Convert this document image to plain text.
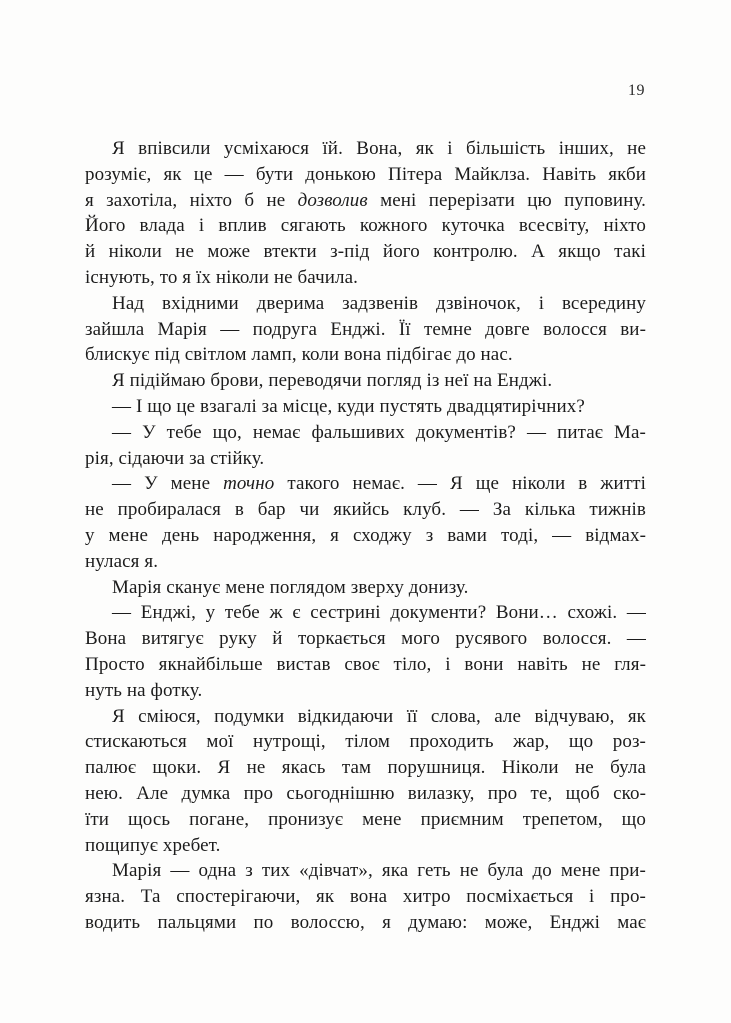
19

Я впівсили усміхаюся їй. Вона, як і більшість інших, не
розуміє, як це — бути донькою Пітера Майклза. Навіть якби
я захотіла, ніхто б не дозволив мені перерізати цю пуповину.
Його влада і вплив сягають кожного куточка всесвіту, ніхто
й ніколи не може втекти з-під його контролю. А якщо такі
існують, то я їх ніколи не бачила.

Над вхідними дверима задзвенів дзвіночок, і всередину
зайшла Марія — подруга Енджі. Її темне довге волосся ви-
блискує під світлом ламп, коли вона підбігає до нас.

Я підіймаю брови, переводячи погляд із неї на Енджі.

— І що це взагалі за місце, куди пустять двадцятирічних?

— У тебе що, немає фальшивих документів? — питає Ма-
рія, сідаючи за стійку.

— У мене точно такого немає. — Я ще ніколи в житті
не пробиралася в бар чи якийсь клуб. — За кілька тижнів
у мене день народження, я сходжу з вами тоді, — відмах-
нулася я.

Марія сканує мене поглядом зверху донизу.

— Енджі, у тебе ж є сестрині документи? Вони… схожі. —
Вона витягує руку й торкається мого русявого волосся. —
Просто якнайбільше вистав своє тіло, і вони навіть не гля-
нуть на фотку.

Я сміюся, подумки відкидаючи її слова, але відчуваю, як
стискаються мої нутрощі, тілом проходить жар, що роз-
палює щоки. Я не якась там порушниця. Ніколи не була
нею. Але думка про сьогоднішню вилазку, про те, щоб ско-
їти щось погане, пронизує мене приємним трепетом, що
пощипує хребет.

Марія — одна з тих «дівчат», яка геть не була до мене при-
язна. Та спостерігаючи, як вона хитро посміхається і про-
водить пальцями по волоссю, я думаю: може, Енджі має
